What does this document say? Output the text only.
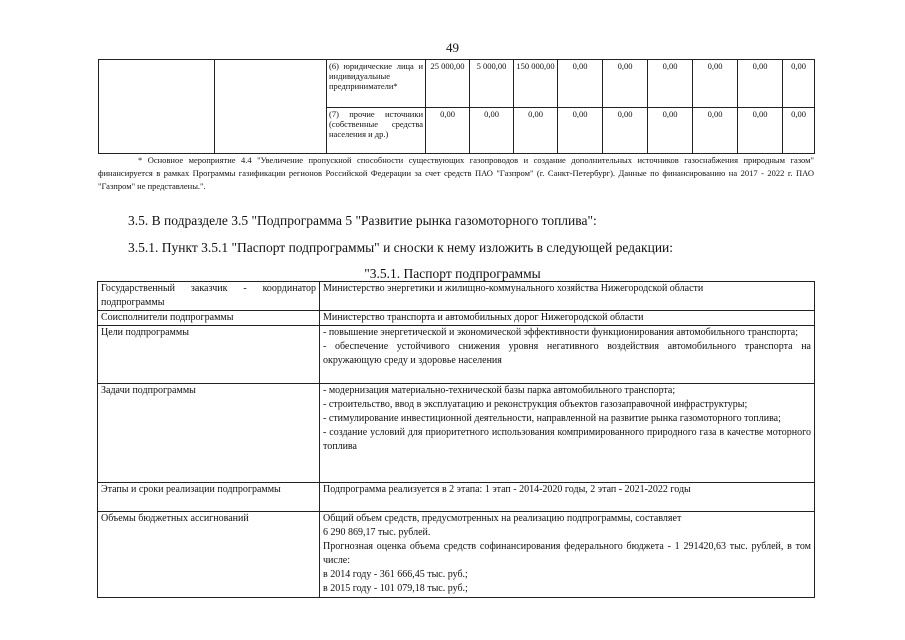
49
		(6) юридические лица и индивидуальные предприниматели*	25 000,00	5 000,00	150 000,00	0,00	0,00	0,00	0,00	0,00	0,00
		(7) прочие источники (собственные средства населения и др.)	0,00	0,00	0,00	0,00	0,00	0,00	0,00	0,00	0,00
* Основное мероприятие 4.4 "Увеличение пропускной способности существующих газопроводов и создание дополнительных источников газоснабжения природным газом" финансируется в рамках Программы газификации регионов Российской Федерации за счет средств ПАО "Газпром" (г. Санкт-Петербург). Данные по финансированию на 2017 - 2022 г. ПАО "Газпром" не представлены.".
3.5. В подразделе 3.5 "Подпрограмма 5 "Развитие рынка газомоторного топлива":
3.5.1. Пункт 3.5.1 "Паспорт подпрограммы" и сноски к нему изложить в следующей редакции:
"3.5.1. Паспорт подпрограммы
Государственный заказчик - координатор подпрограммы	Министерство энергетики и жилищно-коммунального хозяйства Нижегородской области

Соисполнители подпрограммы	Министерство транспорта и автомобильных дорог Нижегородской области

Цели подпрограммы	- повышение энергетической и экономической эффективности функционирования автомобильного транспорта;
- обеспечение устойчивого снижения уровня негативного воздействия автомобильного транспорта на окружающую среду и здоровье населения

Задачи подпрограммы	- модернизация материально-технической базы парка автомобильного транспорта;
- строительство, ввод в эксплуатацию и реконструкция объектов газозаправочной инфраструктуры;
- стимулирование инвестиционной деятельности, направленной на развитие рынка газомоторного топлива;
- создание условий для приоритетного использования компримированного природного газа в качестве моторного топлива

Этапы и сроки реализации подпрограммы	Подпрограмма реализуется в 2 этапа: 1 этап - 2014-2020 годы, 2 этап - 2021-2022 годы

Объемы бюджетных ассигнований	Общий объем средств, предусмотренных на реализацию подпрограммы, составляет
6 290 869,17 тыс. рублей.
Прогнозная оценка объема средств софинансирования федерального бюджета - 1 291420,63 тыс. рублей, в том числе:
в 2014 году - 361 666,45 тыс. руб.;
в 2015 году - 101 079,18 тыс. руб.;
